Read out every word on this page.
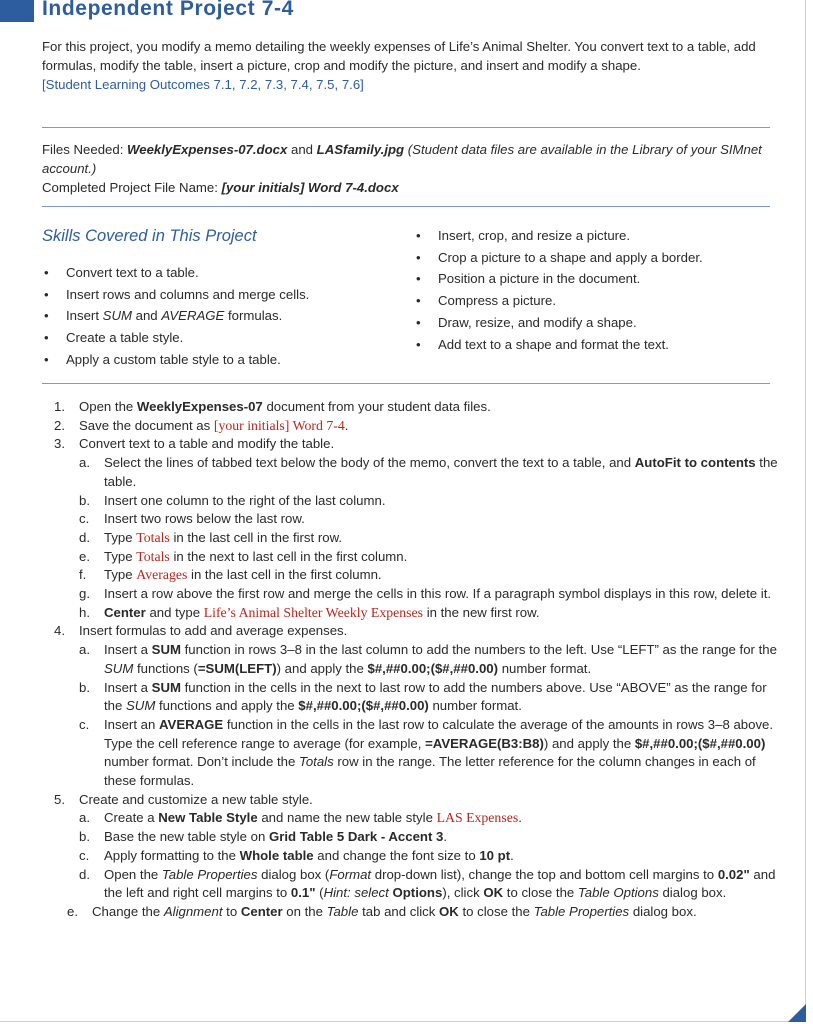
Independent Project 7-4
For this project, you modify a memo detailing the weekly expenses of Life’s Animal Shelter. You convert text to a table, add formulas, modify the table, insert a picture, crop and modify the picture, and insert and modify a shape.
[Student Learning Outcomes 7.1, 7.2, 7.3, 7.4, 7.5, 7.6]
Files Needed: WeeklyExpenses-07.docx and LASfamily.jpg (Student data files are available in the Library of your SIMnet account.)
Completed Project File Name: [your initials] Word 7-4.docx
Skills Covered in This Project
• Convert text to a table.
• Insert rows and columns and merge cells.
• Insert SUM and AVERAGE formulas.
• Create a table style.
• Apply a custom table style to a table.
• Insert, crop, and resize a picture.
• Crop a picture to a shape and apply a border.
• Position a picture in the document.
• Compress a picture.
• Draw, resize, and modify a shape.
• Add text to a shape and format the text.
1. Open the WeeklyExpenses-07 document from your student data files.
2. Save the document as [your initials] Word 7-4.
3. Convert text to a table and modify the table.
a. Select the lines of tabbed text below the body of the memo, convert the text to a table, and AutoFit to contents the table.
b. Insert one column to the right of the last column.
c. Insert two rows below the last row.
d. Type Totals in the last cell in the first row.
e. Type Totals in the next to last cell in the first column.
f. Type Averages in the last cell in the first column.
g. Insert a row above the first row and merge the cells in this row. If a paragraph symbol displays in this row, delete it.
h. Center and type Life’s Animal Shelter Weekly Expenses in the new first row.
4. Insert formulas to add and average expenses.
a. Insert a SUM function in rows 3–8 in the last column to add the numbers to the left. Use “LEFT” as the range for the SUM functions (=SUM(LEFT)) and apply the $#,##0.00;($#,##0.00) number format.
b. Insert a SUM function in the cells in the next to last row to add the numbers above. Use “ABOVE” as the range for the SUM functions and apply the $#,##0.00;($#,##0.00) number format.
c. Insert an AVERAGE function in the cells in the last row to calculate the average of the amounts in rows 3–8 above. Type the cell reference range to average (for example, =AVERAGE(B3:B8)) and apply the $#,##0.00;($#,##0.00) number format. Don’t include the Totals row in the range. The letter reference for the column changes in each of these formulas.
5. Create and customize a new table style.
a. Create a New Table Style and name the new table style LAS Expenses.
b. Base the new table style on Grid Table 5 Dark - Accent 3.
c. Apply formatting to the Whole table and change the font size to 10 pt.
d. Open the Table Properties dialog box (Format drop-down list), change the top and bottom cell margins to 0.02" and the left and right cell margins to 0.1" (Hint: select Options), click OK to close the Table Options dialog box.
e. Change the Alignment to Center on the Table tab and click OK to close the Table Properties dialog box.
